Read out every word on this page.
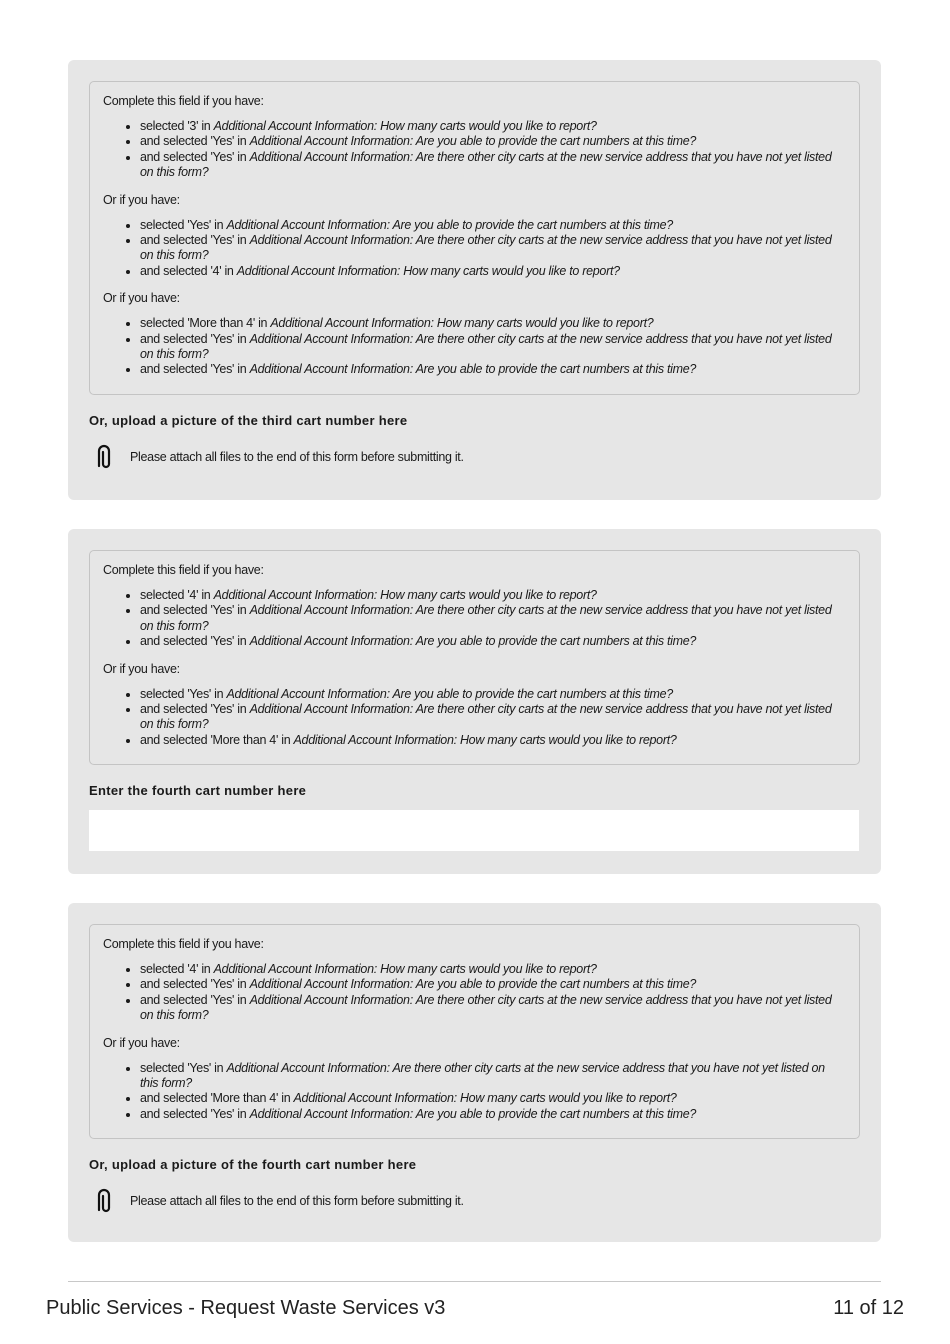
Complete this field if you have:

• selected '3' in Additional Account Information: How many carts would you like to report?
• and selected 'Yes' in Additional Account Information: Are you able to provide the cart numbers at this time?
• and selected 'Yes' in Additional Account Information: Are there other city carts at the new service address that you have not yet listed on this form?

Or if you have:

• selected 'Yes' in Additional Account Information: Are you able to provide the cart numbers at this time?
• and selected 'Yes' in Additional Account Information: Are there other city carts at the new service address that you have not yet listed on this form?
• and selected '4' in Additional Account Information: How many carts would you like to report?

Or if you have:

• selected 'More than 4' in Additional Account Information: How many carts would you like to report?
• and selected 'Yes' in Additional Account Information: Are there other city carts at the new service address that you have not yet listed on this form?
• and selected 'Yes' in Additional Account Information: Are you able to provide the cart numbers at this time?

Or, upload a picture of the third cart number here

Please attach all files to the end of this form before submitting it.

Complete this field if you have:

• selected '4' in Additional Account Information: How many carts would you like to report?
• and selected 'Yes' in Additional Account Information: Are there other city carts at the new service address that you have not yet listed on this form?
• and selected 'Yes' in Additional Account Information: Are you able to provide the cart numbers at this time?

Or if you have:

• selected 'Yes' in Additional Account Information: Are you able to provide the cart numbers at this time?
• and selected 'Yes' in Additional Account Information: Are there other city carts at the new service address that you have not yet listed on this form?
• and selected 'More than 4' in Additional Account Information: How many carts would you like to report?

Enter the fourth cart number here

Complete this field if you have:

• selected '4' in Additional Account Information: How many carts would you like to report?
• and selected 'Yes' in Additional Account Information: Are you able to provide the cart numbers at this time?
• and selected 'Yes' in Additional Account Information: Are there other city carts at the new service address that you have not yet listed on this form?

Or if you have:

• selected 'Yes' in Additional Account Information: Are there other city carts at the new service address that you have not yet listed on this form?
• and selected 'More than 4' in Additional Account Information: How many carts would you like to report?
• and selected 'Yes' in Additional Account Information: Are you able to provide the cart numbers at this time?

Or, upload a picture of the fourth cart number here

Please attach all files to the end of this form before submitting it.
Public Services - Request Waste Services v3	11 of 12
